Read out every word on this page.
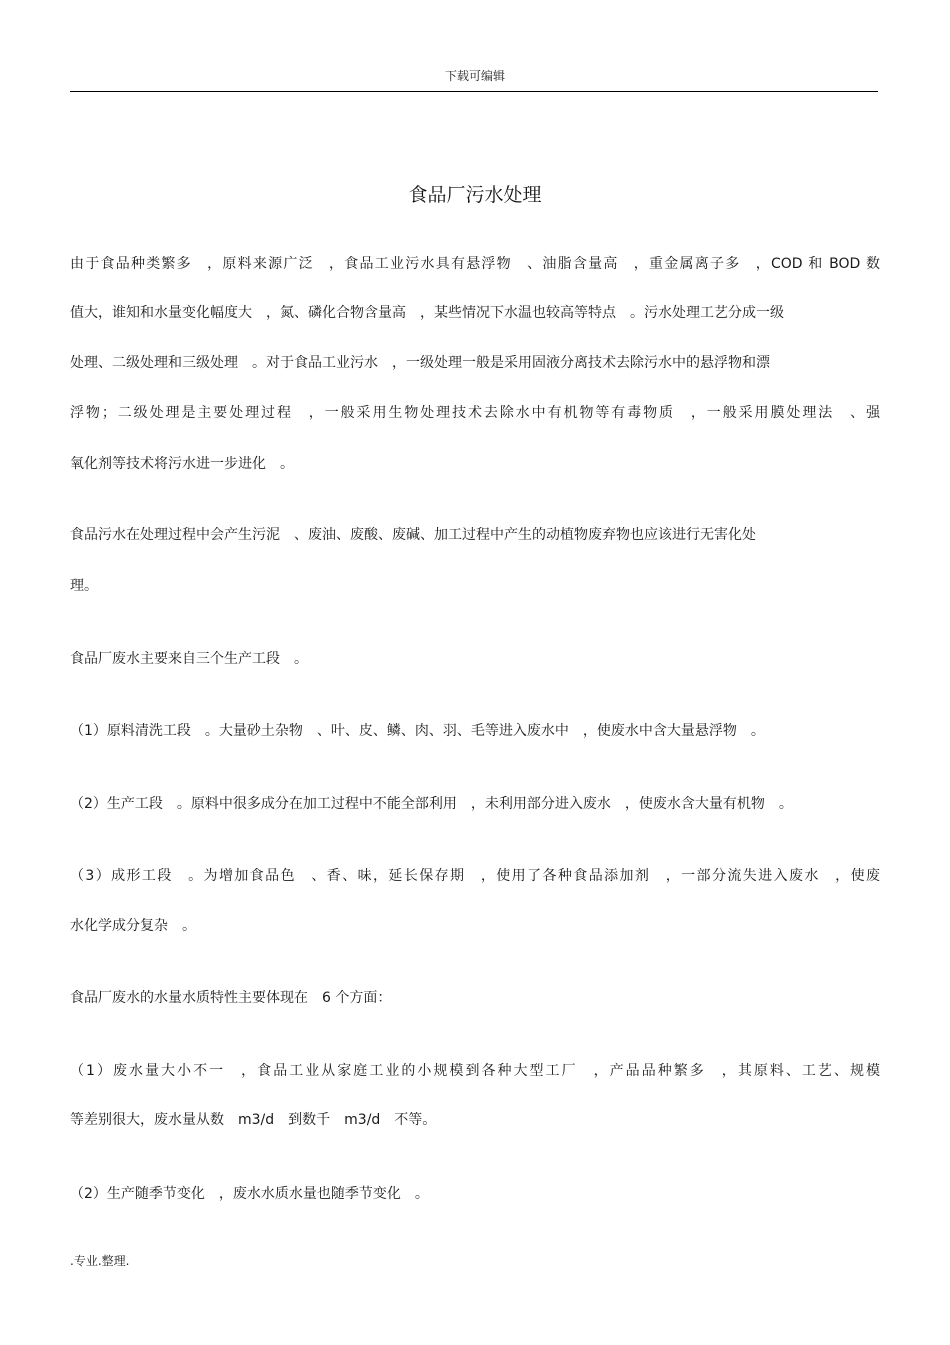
下载可编辑
食品厂污水处理
由于食品种类繁多　，原料来源广泛　，食品工业污水具有悬浮物　、油脂含量高　，重金属离子多　，COD 和 BOD 数
值大，谁知和水量变化幅度大　，氮、磷化合物含量高　，某些情况下水温也较高等特点　。污水处理工艺分成一级
处理、二级处理和三级处理　。对于食品工业污水　，一级处理一般是采用固液分离技术去除污水中的悬浮物和漂
浮物；二级处理是主要处理过程　，一般采用生物处理技术去除水中有机物等有毒物质　，一般采用膜处理法　、强
氧化剂等技术将污水进一步进化　。
食品污水在处理过程中会产生污泥　、废油、废酸、废碱、加工过程中产生的动植物废弃物也应该进行无害化处
理。
食品厂废水主要来自三个生产工段　。
（1）原料清洗工段　。大量砂土杂物　、叶、皮、鳞、肉、羽、毛等进入废水中　，使废水中含大量悬浮物　。
（2）生产工段　。原料中很多成分在加工过程中不能全部利用　，未利用部分进入废水　，使废水含大量有机物　。
（3）成形工段　。为增加食品色　、香、味，延长保存期　，使用了各种食品添加剂　，一部分流失进入废水　，使废
水化学成分复杂　。
食品厂废水的水量水质特性主要体现在　6 个方面：
（1）废水量大小不一　，食品工业从家庭工业的小规模到各种大型工厂　，产品品种繁多　，其原料、工艺、规模
等差别很大，废水量从数　m3/d　到数千　m3/d　不等。
（2）生产随季节变化　，废水水质水量也随季节变化　。
.专业.整理.
